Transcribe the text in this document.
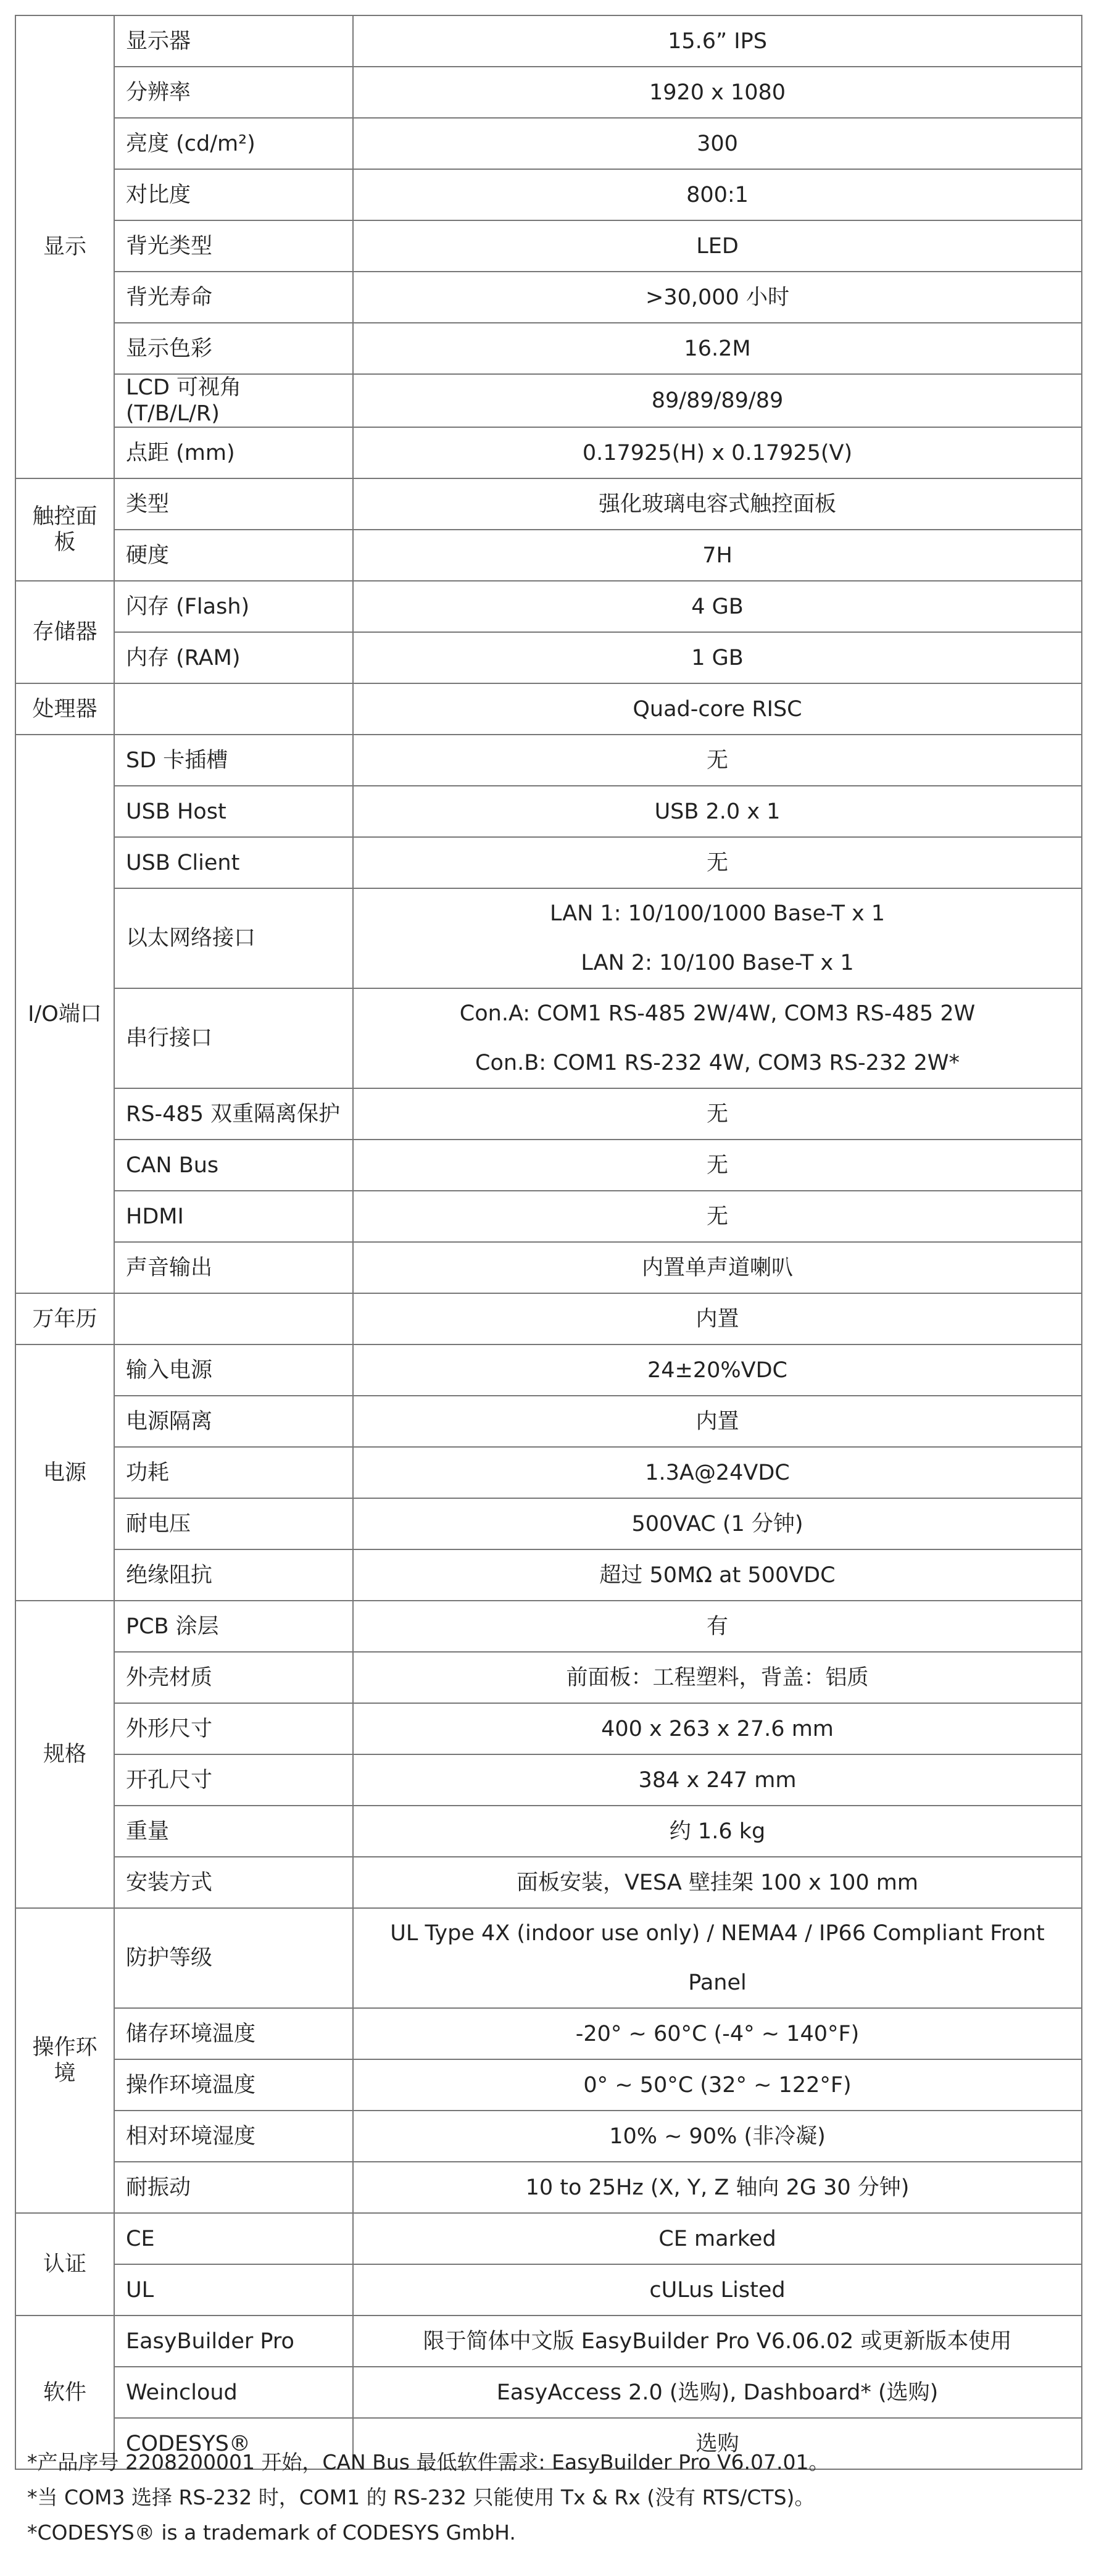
显示	显示器	15.6” IPS

	分辨率	1920 x 1080

	亮度 (cd/m²)	300

	对比度	800:1

	背光类型	LED

	背光寿命	>30,000 小时

	显示色彩	16.2M

	LCD 可视角 (T/B/L/R)	89/89/89/89

	点距 (mm)	0.17925(H) x 0.17925(V)

触控面板	类型	强化玻璃电容式触控面板

	硬度	7H

存储器	闪存 (Flash)	4 GB

	内存 (RAM)	1 GB

处理器		Quad-core RISC

I/O端口	SD 卡插槽	无

	USB Host	USB 2.0 x 1

	USB Client	无

	以太网络接口	LAN 1: 10/100/1000 Base-T x 1
LAN 2: 10/100 Base-T x 1

	串行接口	Con.A: COM1 RS-485 2W/4W, COM3 RS-485 2W
Con.B: COM1 RS-232 4W, COM3 RS-232 2W*

	RS-485 双重隔离保护	无

	CAN Bus	无

	HDMI	无

	声音输出	内置单声道喇叭

万年历		内置

电源	输入电源	24±20%VDC

	电源隔离	内置

	功耗	1.3A@24VDC

	耐电压	500VAC (1 分钟)

	绝缘阻抗	超过 50MΩ at 500VDC

规格	PCB 涂层	有

	外壳材质	前面板：工程塑料，背盖：铝质

	外形尺寸	400 x 263 x 27.6 mm

	开孔尺寸	384 x 247 mm

	重量	约 1.6 kg

	安装方式	面板安装，VESA 壁挂架 100 x 100 mm

操作环境	防护等级	UL Type 4X (indoor use only) / NEMA4 / IP66 Compliant Front Panel

	储存环境温度	-20° ~ 60°C (-4° ~ 140°F)

	操作环境温度	0° ~ 50°C (32° ~ 122°F)

	相对环境湿度	10% ~ 90% (非冷凝)

	耐振动	10 to 25Hz (X, Y, Z 轴向 2G 30 分钟)

认证	CE	CE marked

	UL	cULus Listed

软件	EasyBuilder Pro	限于简体中文版 EasyBuilder Pro V6.06.02 或更新版本使用

	Weincloud	EasyAccess 2.0 (选购), Dashboard* (选购)

	CODESYS®	选购
*产品序号 2208200001 开始，CAN Bus 最低软件需求: EasyBuilder Pro V6.07.01。
*当 COM3 选择 RS-232 时，COM1 的 RS-232 只能使用 Tx & Rx (没有 RTS/CTS)。
*CODESYS® is a trademark of CODESYS GmbH.
